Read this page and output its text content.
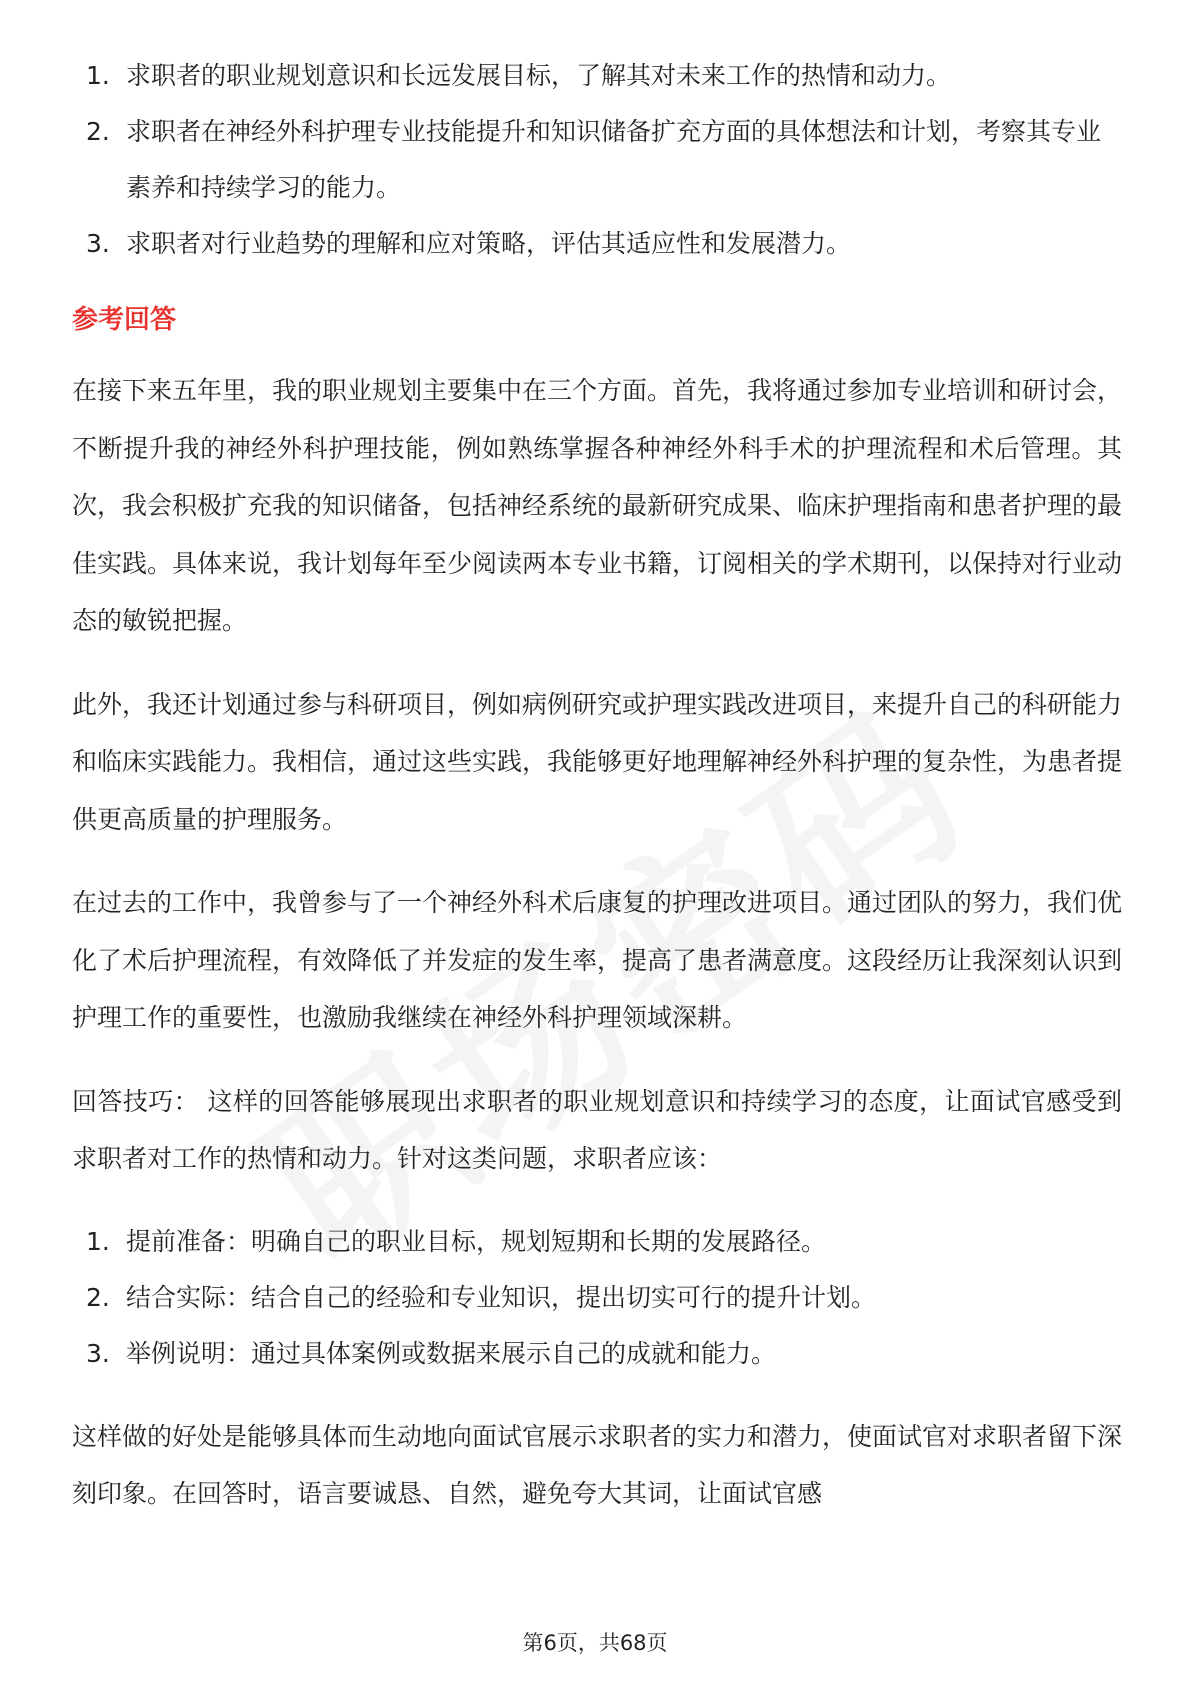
1. 求职者的职业规划意识和长远发展目标，了解其对未来工作的热情和动力。
2. 求职者在神经外科护理专业技能提升和知识储备扩充方面的具体想法和计划，考察其专业素养和持续学习的能力。
3. 求职者对行业趋势的理解和应对策略，评估其适应性和发展潜力。
参考回答

在接下来五年里，我的职业规划主要集中在三个方面。首先，我将通过参加专业培训和研讨会，不断提升我的神经外科护理技能，例如熟练掌握各种神经外科手术的护理流程和术后管理。其次，我会积极扩充我的知识储备，包括神经系统的最新研究成果、临床护理指南和患者护理的最佳实践。具体来说，我计划每年至少阅读两本专业书籍，订阅相关的学术期刊，以保持对行业动态的敏锐把握。

此外，我还计划通过参与科研项目，例如病例研究或护理实践改进项目，来提升自己的科研能力和临床实践能力。我相信，通过这些实践，我能够更好地理解神经外科护理的复杂性，为患者提供更高质量的护理服务。

在过去的工作中，我曾参与了一个神经外科术后康复的护理改进项目。通过团队的努力，我们优化了术后护理流程，有效降低了并发症的发生率，提高了患者满意度。这段经历让我深刻认识到护理工作的重要性，也激励我继续在神经外科护理领域深耕。

回答技巧： 这样的回答能够展现出求职者的职业规划意识和持续学习的态度，让面试官感受到求职者对工作的热情和动力。针对这类问题，求职者应该：

1. 提前准备：明确自己的职业目标，规划短期和长期的发展路径。
2. 结合实际：结合自己的经验和专业知识，提出切实可行的提升计划。
3. 举例说明：通过具体案例或数据来展示自己的成就和能力。

这样做的好处是能够具体而生动地向面试官展示求职者的实力和潜力，使面试官对求职者留下深刻印象。在回答时，语言要诚恳、自然，避免夸大其词，让面试官感

第6页，共68页
